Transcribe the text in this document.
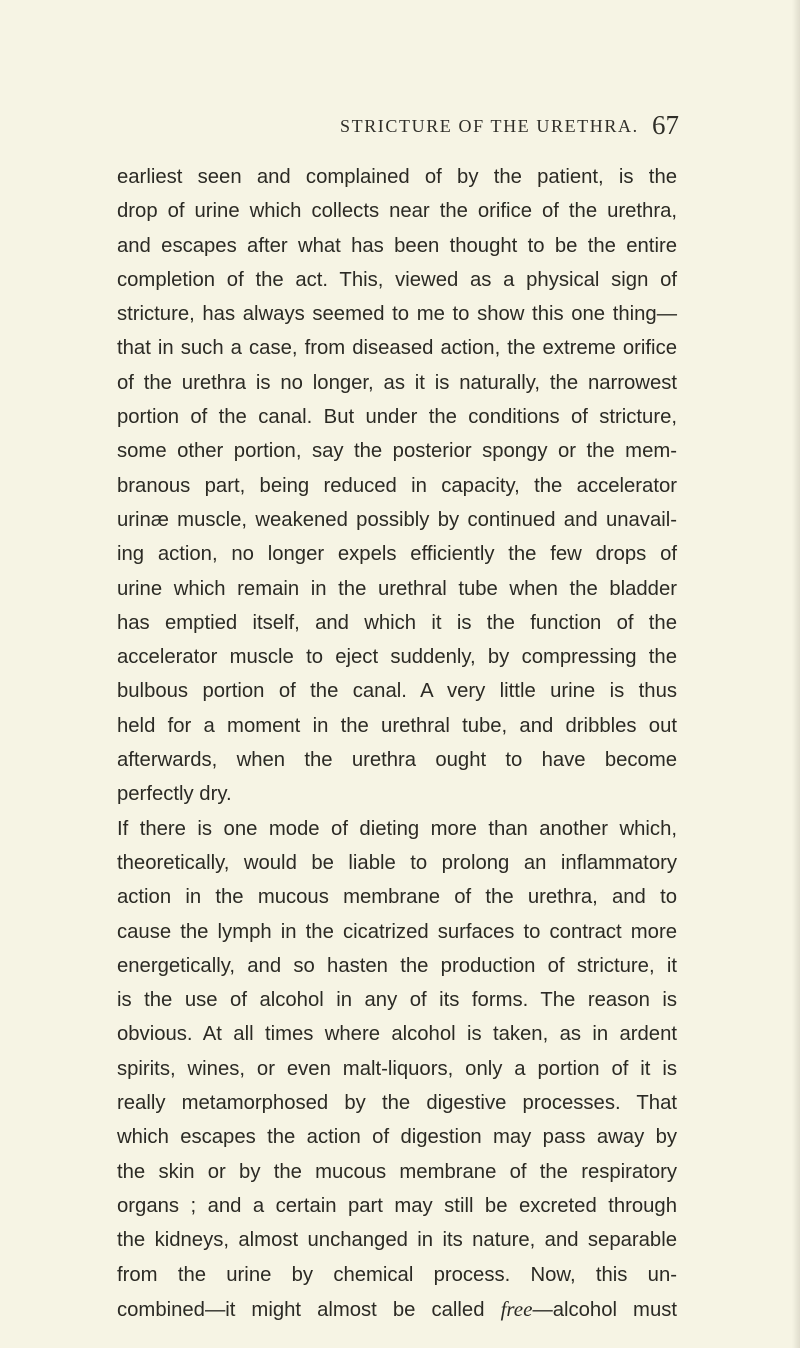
STRICTURE OF THE URETHRA. 67
earliest seen and complained of by the patient, is the
drop of urine which collects near the orifice of the urethra,
and escapes after what has been thought to be the entire
completion of the act. This, viewed as a physical sign of
stricture, has always seemed to me to show this one thing—
that in such a case, from diseased action, the extreme orifice
of the urethra is no longer, as it is naturally, the narrowest
portion of the canal. But under the conditions of stricture,
some other portion, say the posterior spongy or the mem-
branous part, being reduced in capacity, the accelerator
urinæ muscle, weakened possibly by continued and unavail-
ing action, no longer expels efficiently the few drops of
urine which remain in the urethral tube when the bladder
has emptied itself, and which it is the function of the
accelerator muscle to eject suddenly, by compressing the
bulbous portion of the canal. A very little urine is thus
held for a moment in the urethral tube, and dribbles out
afterwards, when the urethra ought to have become
perfectly dry.
If there is one mode of dieting more than another which,
theoretically, would be liable to prolong an inflammatory
action in the mucous membrane of the urethra, and to
cause the lymph in the cicatrized surfaces to contract more
energetically, and so hasten the production of stricture, it
is the use of alcohol in any of its forms. The reason is
obvious. At all times where alcohol is taken, as in ardent
spirits, wines, or even malt-liquors, only a portion of it is
really metamorphosed by the digestive processes. That
which escapes the action of digestion may pass away by
the skin or by the mucous membrane of the respiratory
organs ; and a certain part may still be excreted through
the kidneys, almost unchanged in its nature, and separable
from the urine by chemical process. Now, this un-
combined—it might almost be called free—alcohol must
